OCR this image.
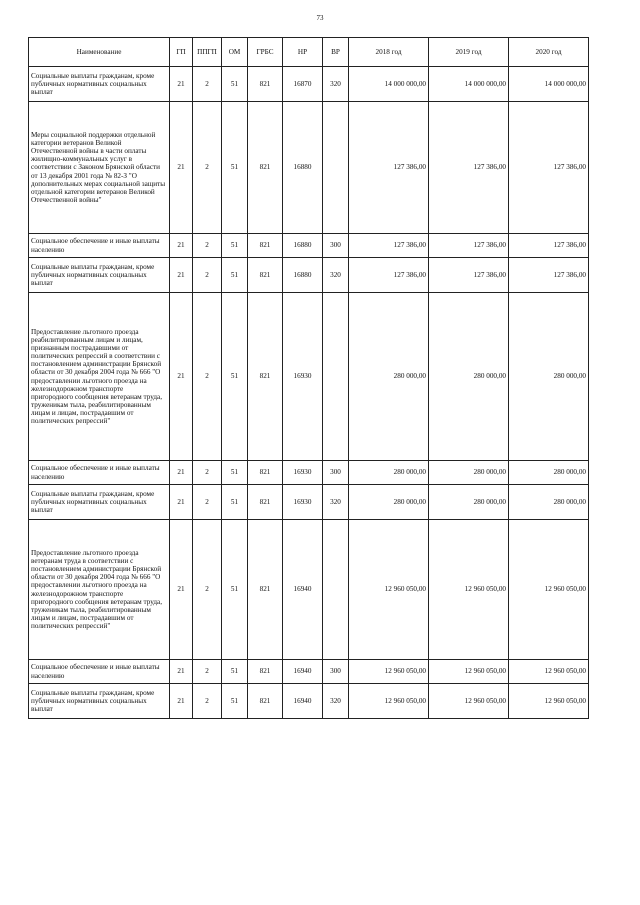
73
Наименование	ГП	ППГП	ОМ	ГРБС	НР	ВР	2018 год	2019 год	2020 год
Социальные выплаты гражданам, кроме публичных нормативных социальных выплат	21	2	51	821	16870	320	14 000 000,00	14 000 000,00	14 000 000,00
Меры социальной поддержки отдельной категории ветеранов Великой Отечественной войны в части оплаты жилищно-коммунальных услуг в соответствии с Законом Брянской области от 13 декабря 2001 года № 82-З "О дополнительных мерах социальной защиты отдельной категории ветеранов Великой Отечественной войны"	21	2	51	821	16880		127 386,00	127 386,00	127 386,00
Социальное обеспечение и иные выплаты населению	21	2	51	821	16880	300	127 386,00	127 386,00	127 386,00
Социальные выплаты гражданам, кроме публичных нормативных социальных выплат	21	2	51	821	16880	320	127 386,00	127 386,00	127 386,00
Предоставление льготного проезда реабилитированным лицам и лицам, признанным пострадавшими от политических репрессий в соответствии с постановлением администрации Брянской области от 30 декабря 2004 года № 666 "О предоставлении льготного проезда на железнодорожном транспорте пригородного сообщения ветеранам труда, труженикам тыла, реабилитированным лицам и лицам, пострадавшим от политических репрессий"	21	2	51	821	16930		280 000,00	280 000,00	280 000,00
Социальное обеспечение и иные выплаты населению	21	2	51	821	16930	300	280 000,00	280 000,00	280 000,00
Социальные выплаты гражданам, кроме публичных нормативных социальных выплат	21	2	51	821	16930	320	280 000,00	280 000,00	280 000,00
Предоставление льготного проезда ветеранам труда в соответствии с постановлением администрации Брянской области от 30 декабря 2004 года № 666 "О предоставлении льготного проезда на железнодорожном транспорте пригородного сообщения ветеранам труда, труженикам тыла, реабилитированным лицам и лицам, пострадавшим от политических репрессий"	21	2	51	821	16940		12 960 050,00	12 960 050,00	12 960 050,00
Социальное обеспечение и иные выплаты населению	21	2	51	821	16940	300	12 960 050,00	12 960 050,00	12 960 050,00
Социальные выплаты гражданам, кроме публичных нормативных социальных выплат	21	2	51	821	16940	320	12 960 050,00	12 960 050,00	12 960 050,00
